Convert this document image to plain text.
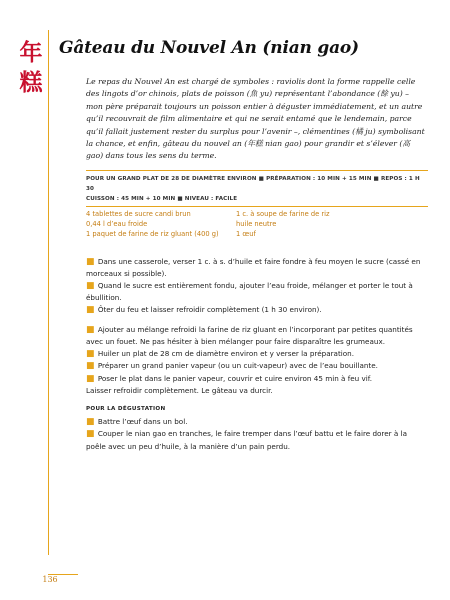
年
糕
Gâteau du Nouvel An (nian gao)

Le repas du Nouvel An est chargé de symboles : raviolis dont la forme rappelle celle des lingots d’or chinois, plats de poisson (魚 yu) représentant l’abondance (餘 yu) – mon père préparait toujours un poisson entier à déguster immédiatement, et un autre qu’il recouvrait de film alimentaire et qui ne serait entamé que le lendemain, parce qu’il fallait justement rester du surplus pour l’avenir –, clémentines (橘 ju) symbolisant la chance, et enfin, gâteau du nouvel an (年糕 nian gao) pour grandir et s’élever (高 gao) dans tous les sens du terme.

POUR UN GRAND PLAT DE 28 DE DIAMÈTRE ENVIRON ■ PRÉPARATION : 10 MIN + 15 MIN ■ REPOS : 1 H 30

CUISSON : 45 MIN + 10 MIN ■ NIVEAU : FACILE

4 tablettes de sucre candi brun
0,44 l d’eau froide
1 paquet de farine de riz gluant (400 g)
1 c. à soupe de farine de riz
huile neutre
1 œuf

■ Dans une casserole, verser 1 c. à s. d’huile et faire fondre à feu moyen le sucre (cassé en morceaux si possible).

■ Quand le sucre est entièrement fondu, ajouter l’eau froide, mélanger et porter le tout à ébullition.

■ Ôter du feu et laisser refroidir complètement (1 h 30 environ).

■ Ajouter au mélange refroidi la farine de riz gluant en l’incorporant par petites quantités avec un fouet. Ne pas hésiter à bien mélanger pour faire disparaître les grumeaux.

■ Huiler un plat de 28 cm de diamètre environ et y verser la préparation.

■ Préparer un grand panier vapeur (ou un cuit-vapeur) avec de l’eau bouillante.

■ Poser le plat dans le panier vapeur, couvrir et cuire environ 45 min à feu vif.

Laisser refroidir complètement. Le gâteau va durcir.

POUR LA DÉGUSTATION

■ Battre l’œuf dans un bol.

■ Couper le nian gao en tranches, le faire tremper dans l’œuf battu et le faire dorer à la poêle avec un peu d’huile, à la manière d’un pain perdu.

136
